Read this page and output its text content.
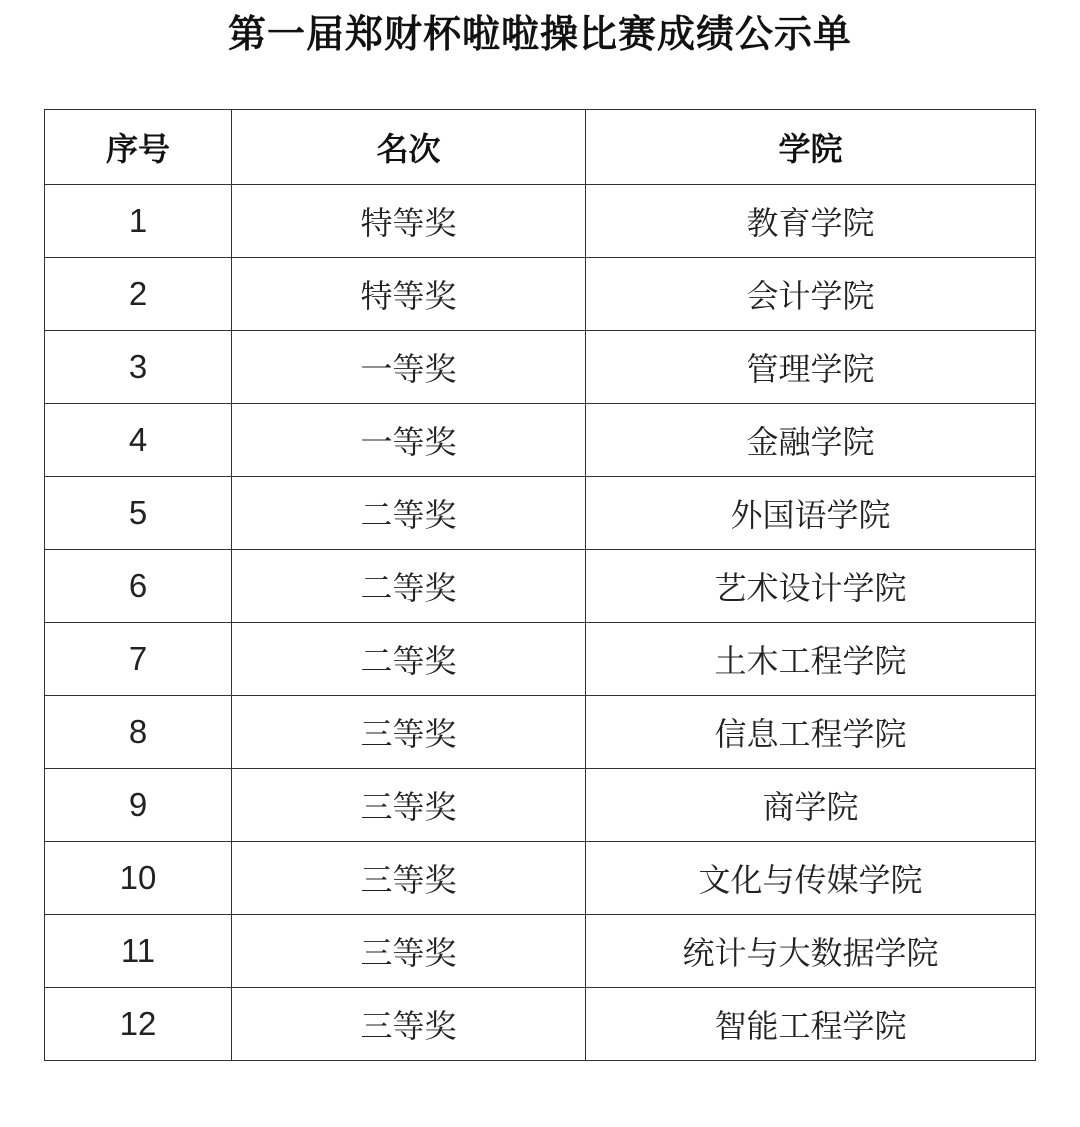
第一届郑财杯啦啦操比赛成绩公示单
序号	名次	学院
1	特等奖	教育学院
2	特等奖	会计学院
3	一等奖	管理学院
4	一等奖	金融学院
5	二等奖	外国语学院
6	二等奖	艺术设计学院
7	二等奖	土木工程学院
8	三等奖	信息工程学院
9	三等奖	商学院
10	三等奖	文化与传媒学院
11	三等奖	统计与大数据学院
12	三等奖	智能工程学院
